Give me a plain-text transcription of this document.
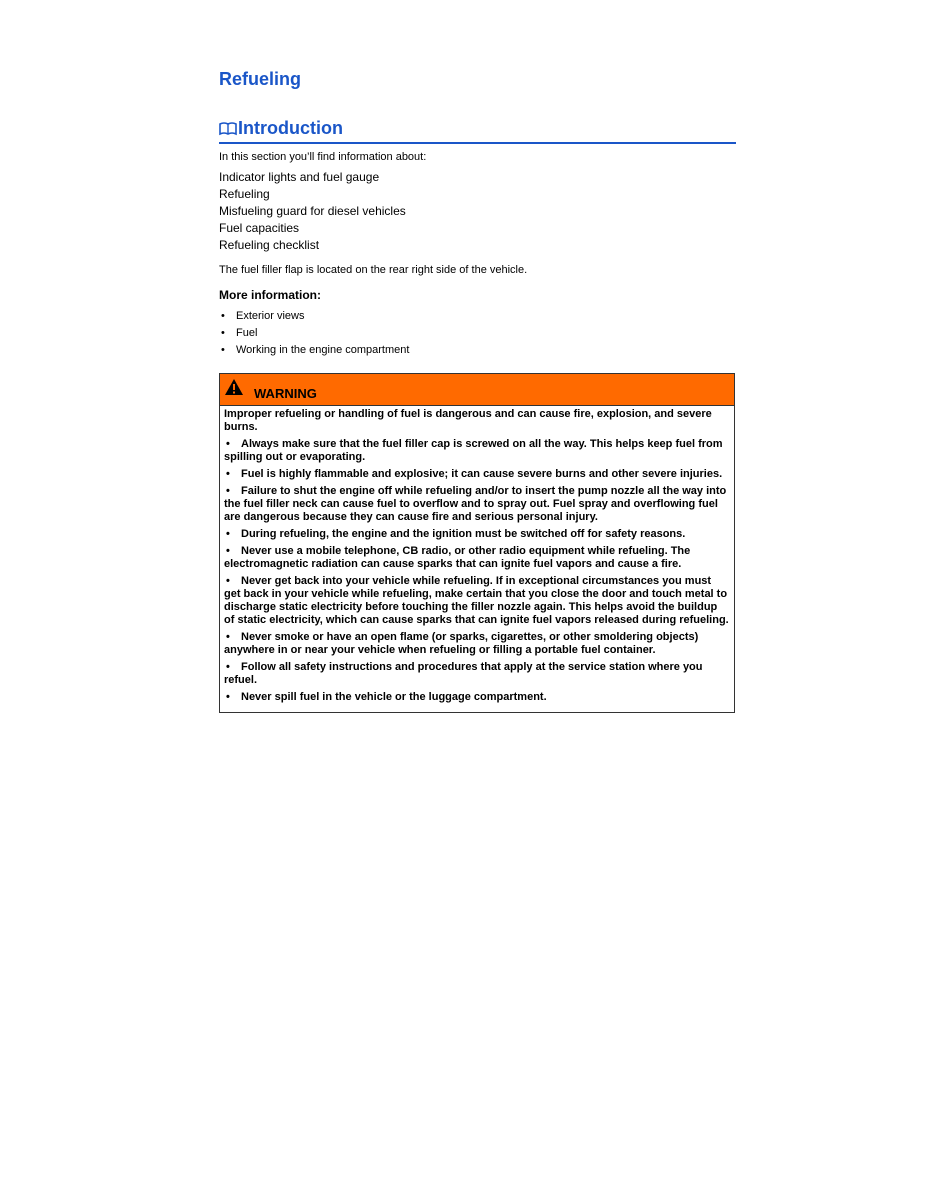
Refueling
Introduction
In this section you’ll find information about:
Indicator lights and fuel gauge
Refueling
Misfueling guard for diesel vehicles
Fuel capacities
Refueling checklist
The fuel filler flap is located on the rear right side of the vehicle.
More information:
• Exterior views
• Fuel
• Working in the engine compartment
WARNING

Improper refueling or handling of fuel is dangerous and can cause fire, explosion, and severe burns.

• Always make sure that the fuel filler cap is screwed on all the way. This helps keep fuel from spilling out or evaporating.
• Fuel is highly flammable and explosive; it can cause severe burns and other severe injuries.
• Failure to shut the engine off while refueling and/or to insert the pump nozzle all the way into the fuel filler neck can cause fuel to overflow and to spray out. Fuel spray and overflowing fuel are dangerous because they can cause fire and serious personal injury.
• During refueling, the engine and the ignition must be switched off for safety reasons.
• Never use a mobile telephone, CB radio, or other radio equipment while refueling. The electromagnetic radiation can cause sparks that can ignite fuel vapors and cause a fire.
• Never get back into your vehicle while refueling. If in exceptional circumstances you must get back in your vehicle while refueling, make certain that you close the door and touch metal to discharge static electricity before touching the filler nozzle again. This helps avoid the buildup of static electricity, which can cause sparks that can ignite fuel vapors released during refueling.
• Never smoke or have an open flame (or sparks, cigarettes, or other smoldering objects) anywhere in or near your vehicle when refueling or filling a portable fuel container.
• Follow all safety instructions and procedures that apply at the service station where you refuel.
• Never spill fuel in the vehicle or the luggage compartment.
